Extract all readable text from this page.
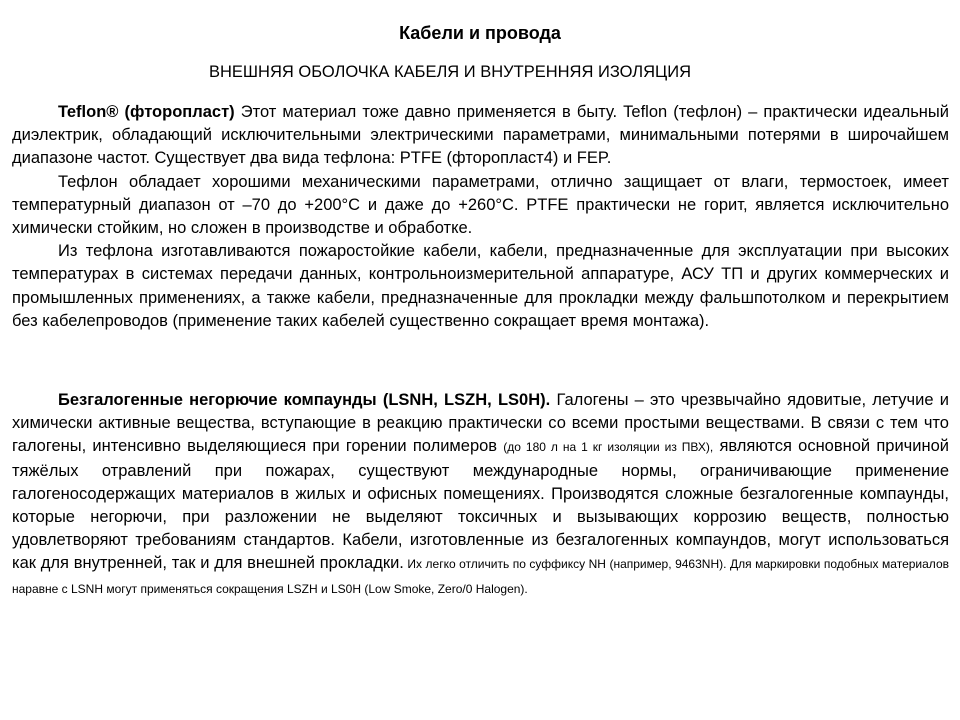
Кабели и провода
ВНЕШНЯЯ ОБОЛОЧКА КАБЕЛЯ И ВНУТРЕННЯЯ ИЗОЛЯЦИЯ

Teflon® (фторопласт) Этот материал тоже давно применяется в быту. Teflon (тефлон) – практически идеальный диэлектрик, обладающий исключительными электрическими параметрами, минимальными потерями в широчайшем диапазоне частот. Существует два вида тефлона: PTFE (фторопласт4) и FEP.

Тефлон обладает хорошими механическими параметрами, отлично защищает от влаги, термостоек, имеет температурный диапазон от –70 до +200°С и даже до +260°С. PTFE практически не горит, является исключительно химически стойким, но сложен в производстве и обработке.

Из тефлона изготавливаются пожаростойкие кабели, кабели, предназначенные для эксплуатации при высоких температурах в системах передачи данных, контрольноизмерительной аппаратуре, АСУ ТП и других коммерческих и промышленных применениях, а также кабели, предназначенные для прокладки между фальшпотолком и перекрытием без кабелепроводов (применение таких кабелей существенно сокращает время монтажа).

Безгалогенные негорючие компаунды (LSNH, LSZH, LS0H). Галогены – это чрезвычайно ядовитые, летучие и химически активные вещества, вступающие в реакцию практически со всеми простыми веществами. В связи с тем что галогены, интенсивно выделяющиеся при горении полимеров (до 180 л на 1 кг изоляции из ПВХ), являются основной причиной тяжёлых отравлений при пожарах, существуют международные нормы, ограничивающие применение галогеносодержащих материалов в жилых и офисных помещениях. Производятся сложные безгалогенные компаунды, которые негорючи, при разложении не выделяют токсичных и вызывающих коррозию веществ, полностью удовлетворяют требованиям стандартов. Кабели, изготовленные из безгалогенных компаундов, могут использоваться как для внутренней, так и для внешней прокладки. Их легко отличить по суффиксу NH (например, 9463NH). Для маркировки подобных материалов наравне с LSNH могут применяться сокращения LSZH и LS0H (Low Smoke, Zero/0 Halogen).
